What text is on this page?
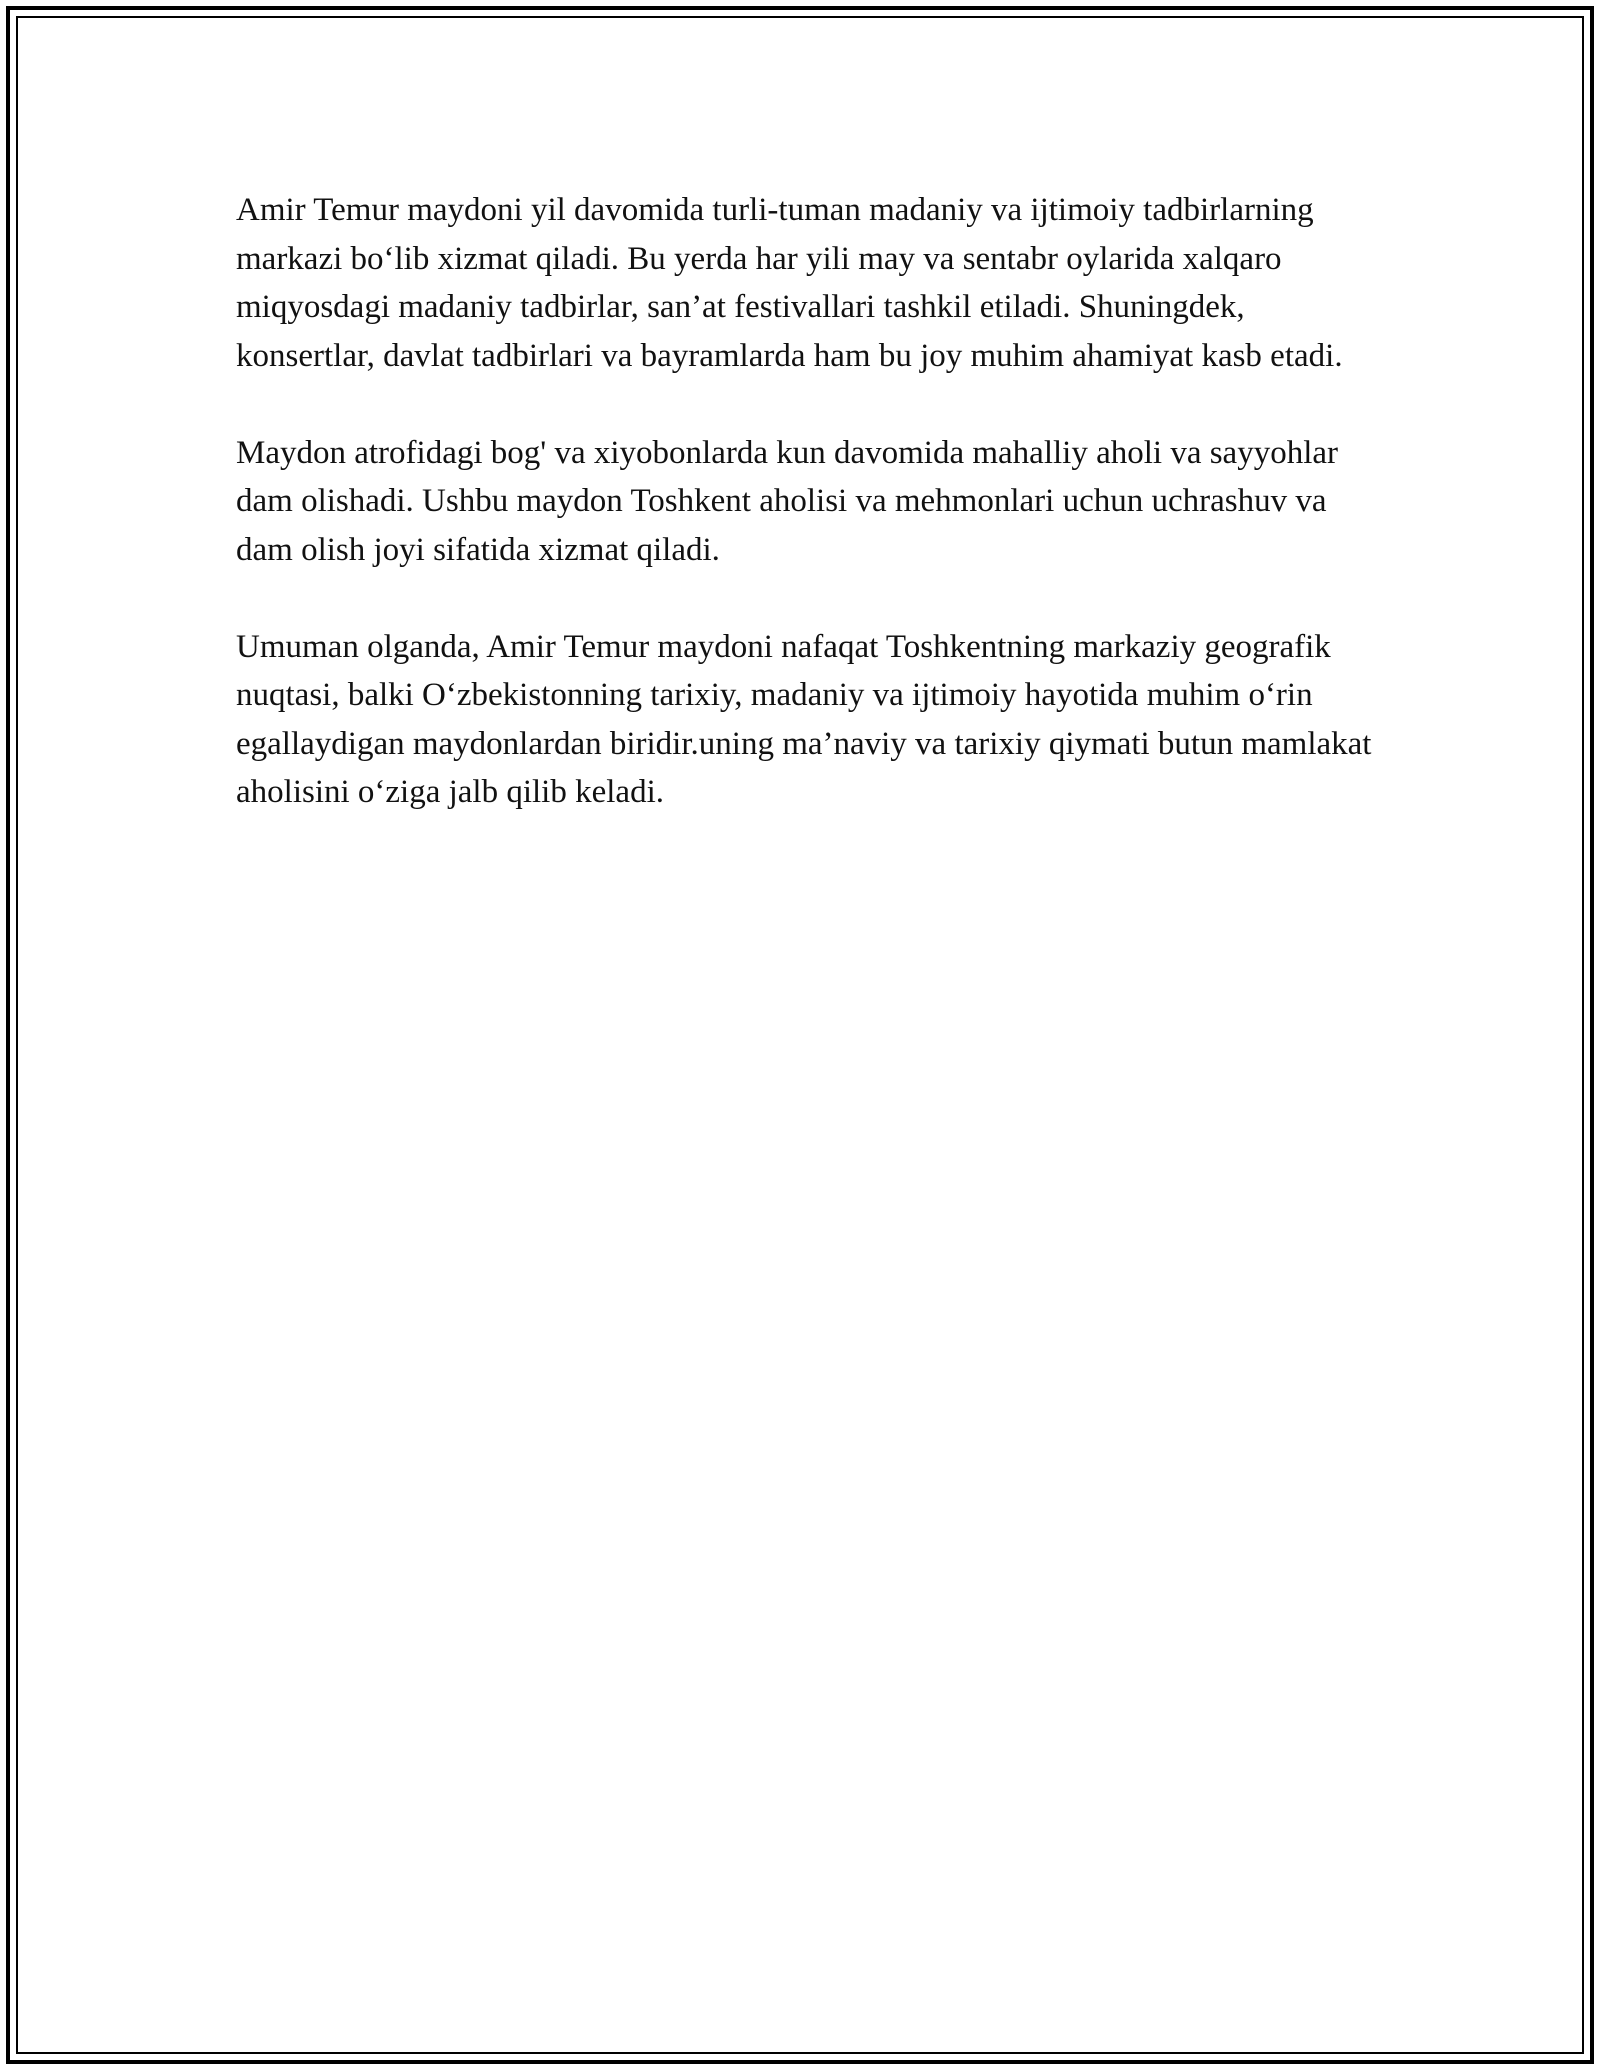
Amir Temur maydoni yil davomida turli-tuman madaniy va ijtimoiy tadbirlarning markazi bo‘lib xizmat qiladi. Bu yerda har yili may va sentabr oylarida xalqaro miqyosdagi madaniy tadbirlar, san’at festivallari tashkil etiladi. Shuningdek, konsertlar, davlat tadbirlari va bayramlarda ham bu joy muhim ahamiyat kasb etadi.

Maydon atrofidagi bog' va xiyobonlarda kun davomida mahalliy aholi va sayyohlar dam olishadi. Ushbu maydon Toshkent aholisi va mehmonlari uchun uchrashuv va dam olish joyi sifatida xizmat qiladi.

Umuman olganda, Amir Temur maydoni nafaqat Toshkentning markaziy geografik nuqtasi, balki O‘zbekistonning tarixiy, madaniy va ijtimoiy hayotida muhim o‘rin egallaydigan maydonlardan biridir.uning ma’naviy va tarixiy qiymati butun mamlakat aholisini o‘ziga jalb qilib keladi.
